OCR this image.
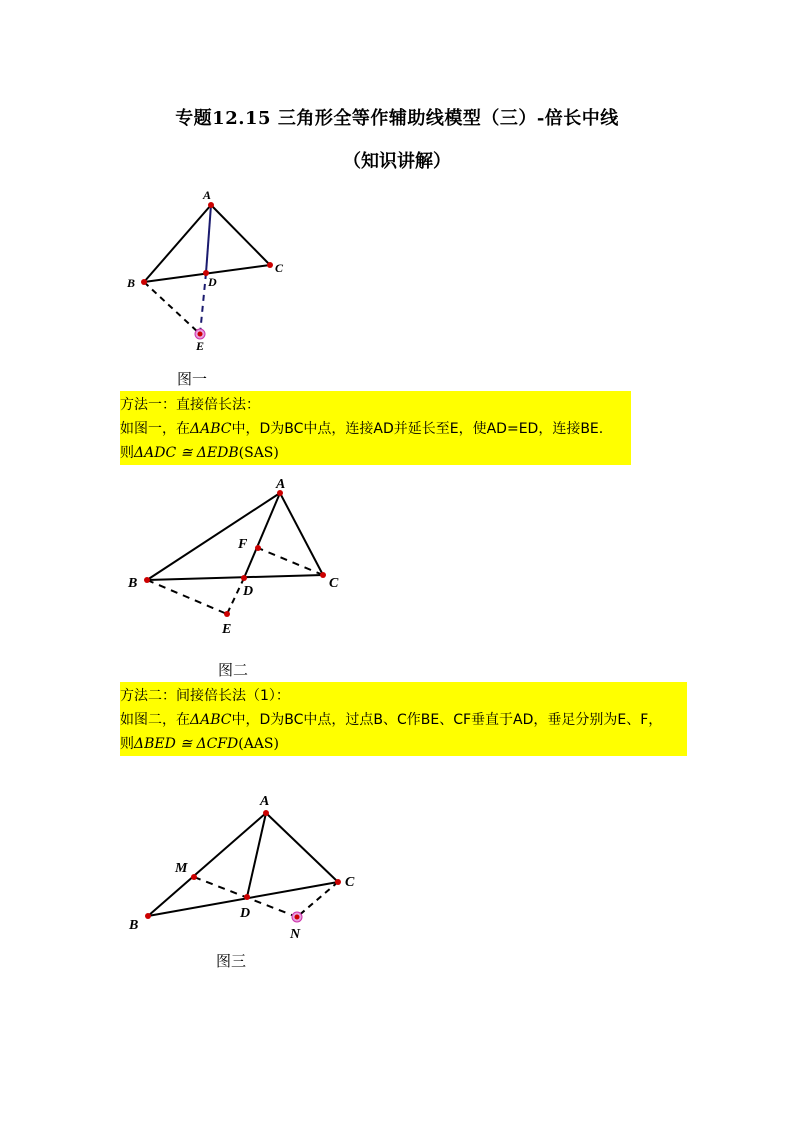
专题12.15 三角形全等作辅助线模型（三）-倍长中线
（知识讲解）
A
B
C
D
E
图一
方法一：直接倍长法：
如图一，在ΔABC中，D为BC中点，连接AD并延长至E，使AD=ED，连接BE.
则ΔADC ≅ ΔEDB(SAS)
A
B	C
D
E
F
图二
方法二：间接倍长法（1）：
如图二，在ΔABC中，D为BC中点，过点B、C作BE、CF垂直于AD，垂足分别为E、F，
则ΔBED ≅ ΔCFD(AAS)
A
B
C
D
M
N
图三
